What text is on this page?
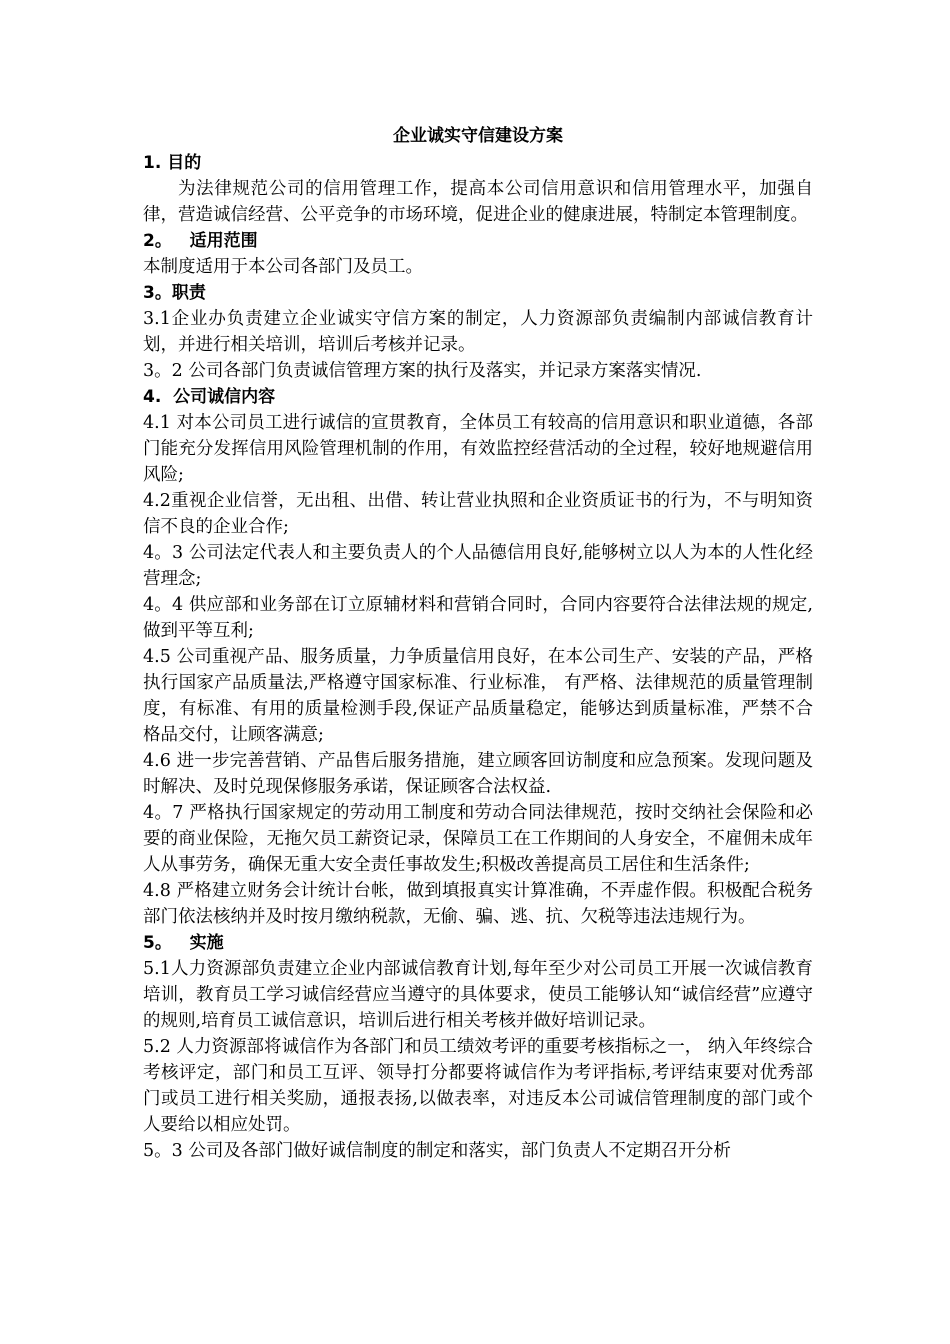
企业诚实守信建设方案

1. 目的

为法律规范公司的信用管理工作，提高本公司信用意识和信用管理水平，加强自律，营造诚信经营、公平竞争的市场环境，促进企业的健康进展，特制定本管理制度。

2。   适用范围

本制度适用于本公司各部门及员工。

3。职责

3.1企业办负责建立企业诚实守信方案的制定，人力资源部负责编制内部诚信教育计划，并进行相关培训，培训后考核并记录。

3。2 公司各部门负责诚信管理方案的执行及落实，并记录方案落实情况.

4.  公司诚信内容

4.1 对本公司员工进行诚信的宣贯教育，全体员工有较高的信用意识和职业道德，各部门能充分发挥信用风险管理机制的作用，有效监控经营活动的全过程，较好地规避信用风险;

4.2重视企业信誉，无出租、出借、转让营业执照和企业资质证书的行为，不与明知资信不良的企业合作;

4。3 公司法定代表人和主要负责人的个人品德信用良好,能够树立以人为本的人性化经营理念;

4。4 供应部和业务部在订立原辅材料和营销合同时，合同内容要符合法律法规的规定,做到平等互利;

4.5 公司重视产品、服务质量，力争质量信用良好，在本公司生产、安装的产品，严格执行国家产品质量法,严格遵守国家标准、行业标准， 有严格、法律规范的质量管理制度，有标准、有用的质量检测手段,保证产品质量稳定，能够达到质量标准，严禁不合格品交付，让顾客满意;

4.6 进一步完善营销、产品售后服务措施，建立顾客回访制度和应急预案。发现问题及时解决、及时兑现保修服务承诺，保证顾客合法权益.

4。7 严格执行国家规定的劳动用工制度和劳动合同法律规范，按时交纳社会保险和必要的商业保险，无拖欠员工薪资记录，保障员工在工作期间的人身安全，不雇佣未成年人从事劳务，确保无重大安全责任事故发生;积极改善提高员工居住和生活条件;

4.8 严格建立财务会计统计台帐，做到填报真实计算准确，不弄虚作假。积极配合税务部门依法核纳并及时按月缴纳税款，无偷、骗、逃、抗、欠税等违法违规行为。

5。   实施

5.1人力资源部负责建立企业内部诚信教育计划,每年至少对公司员工开展一次诚信教育培训，教育员工学习诚信经营应当遵守的具体要求，使员工能够认知“诚信经营”应遵守的规则,培育员工诚信意识，培训后进行相关考核并做好培训记录。

5.2 人力资源部将诚信作为各部门和员工绩效考评的重要考核指标之一， 纳入年终综合考核评定，部门和员工互评、领导打分都要将诚信作为考评指标,考评结束要对优秀部门或员工进行相关奖励，通报表扬,以做表率，对违反本公司诚信管理制度的部门或个人要给以相应处罚。

5。3 公司及各部门做好诚信制度的制定和落实，部门负责人不定期召开分析
